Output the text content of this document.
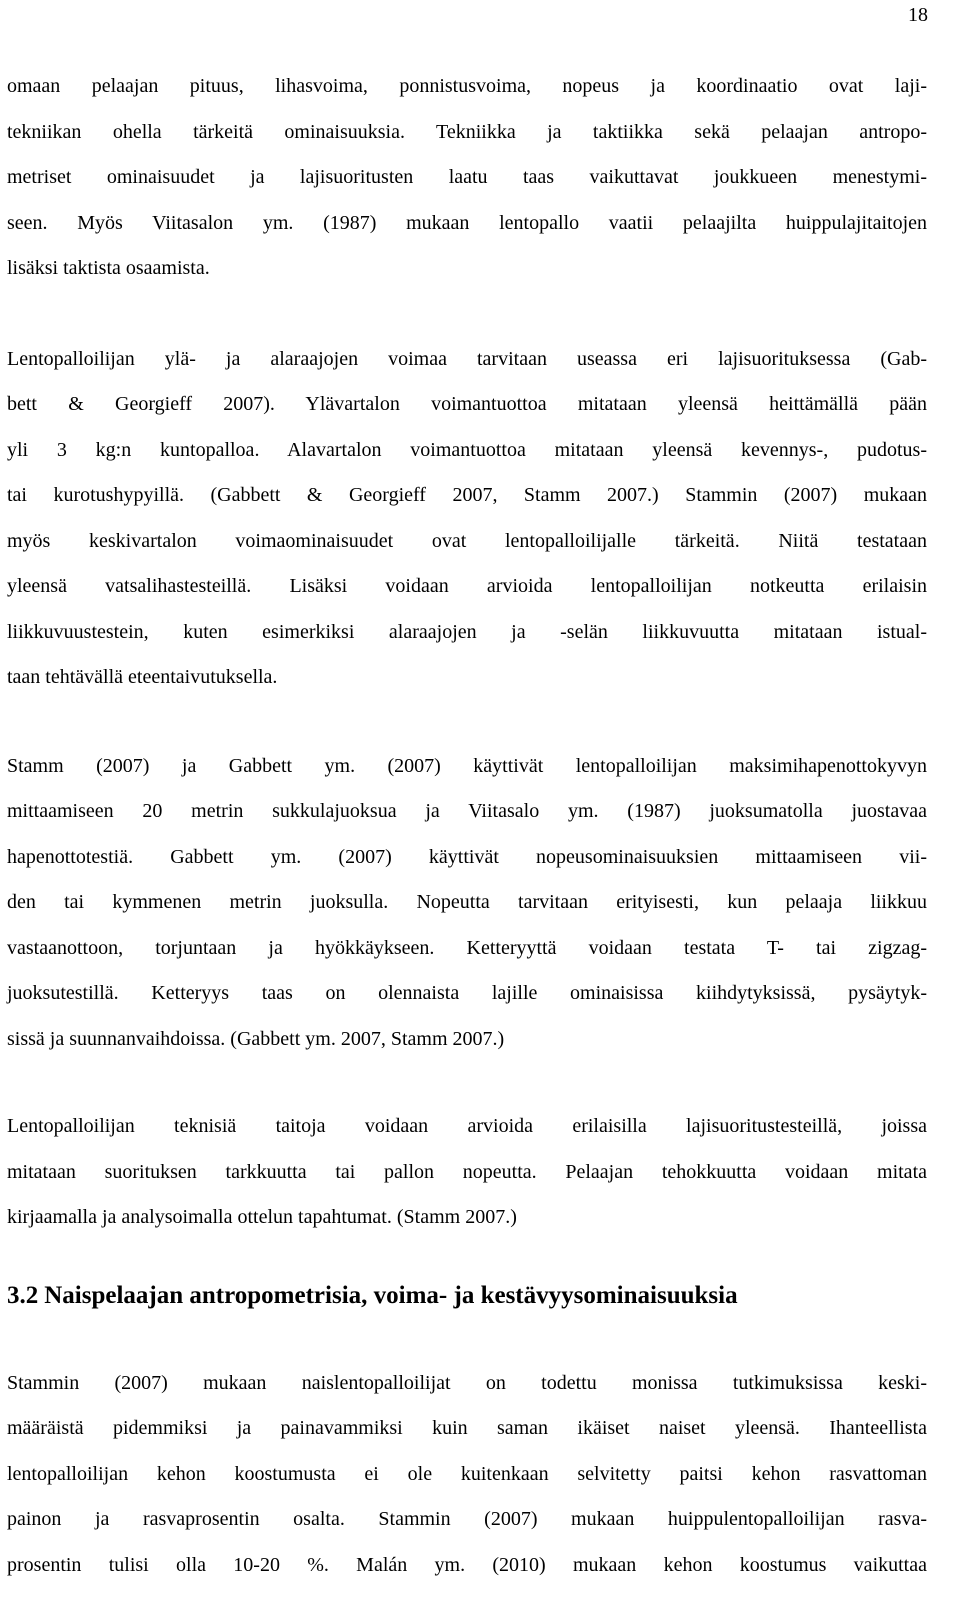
18

omaan pelaajan pituus, lihasvoima, ponnistusvoima, nopeus ja koordinaatio ovat laji-
tekniikan ohella tärkeitä ominaisuuksia. Tekniikka ja taktiikka sekä pelaajan antropo-
metriset ominaisuudet ja lajisuoritusten laatu taas vaikuttavat joukkueen menestymi-
seen. Myös Viitasalon ym. (1987) mukaan lentopallo vaatii pelaajilta huippulajitaitojen
lisäksi taktista osaamista.

Lentopalloilijan ylä- ja alaraajojen voimaa tarvitaan useassa eri lajisuorituksessa (Gab-
bett & Georgieff 2007). Ylävartalon voimantuottoa mitataan yleensä heittämällä pään
yli 3 kg:n kuntopalloa. Alavartalon voimantuottoa mitataan yleensä kevennys-, pudotus-
tai kurotushypyillä. (Gabbett & Georgieff 2007, Stamm 2007.) Stammin (2007) mukaan
myös keskivartalon voimaominaisuudet ovat lentopalloilijalle tärkeitä. Niitä testataan
yleensä vatsalihastesteillä. Lisäksi voidaan arvioida lentopalloilijan notkeutta erilaisin
liikkuvuustestein, kuten esimerkiksi alaraajojen ja -selän liikkuvuutta mitataan istual-
taan tehtävällä eteentaivutuksella.

Stamm (2007) ja Gabbett ym. (2007) käyttivät lentopalloilijan maksimihapenottokyvyn
mittaamiseen 20 metrin sukkulajuoksua ja Viitasalo ym. (1987) juoksumatolla juostavaa
hapenottotestiä. Gabbett ym. (2007) käyttivät nopeusominaisuuksien mittaamiseen vii-
den tai kymmenen metrin juoksulla. Nopeutta tarvitaan erityisesti, kun pelaaja liikkuu
vastaanottoon, torjuntaan ja hyökkäykseen. Ketteryyttä voidaan testata T- tai zigzag-
juoksutestillä. Ketteryys taas on olennaista lajille ominaisissa kiihdytyksissä, pysäytyk-
sissä ja suunnanvaihdoissa. (Gabbett ym. 2007, Stamm 2007.)

Lentopalloilijan teknisiä taitoja voidaan arvioida erilaisilla lajisuoritustesteillä, joissa
mitataan suorituksen tarkkuutta tai pallon nopeutta. Pelaajan tehokkuutta voidaan mitata
kirjaamalla ja analysoimalla ottelun tapahtumat. (Stamm 2007.)

3.2 Naispelaajan antropometrisia, voima- ja kestävyysominaisuuksia

Stammin (2007) mukaan naislentopalloilijat on todettu monissa tutkimuksissa keski-
määräistä pidemmiksi ja painavammiksi kuin saman ikäiset naiset yleensä. Ihanteellista
lentopalloilijan kehon koostumusta ei ole kuitenkaan selvitetty paitsi kehon rasvattoman
painon ja rasvaprosentin osalta. Stammin (2007) mukaan huippulentopalloilijan rasva-
prosentin tulisi olla 10-20 %. Malán ym. (2010) mukaan kehon koostumus vaikuttaa
